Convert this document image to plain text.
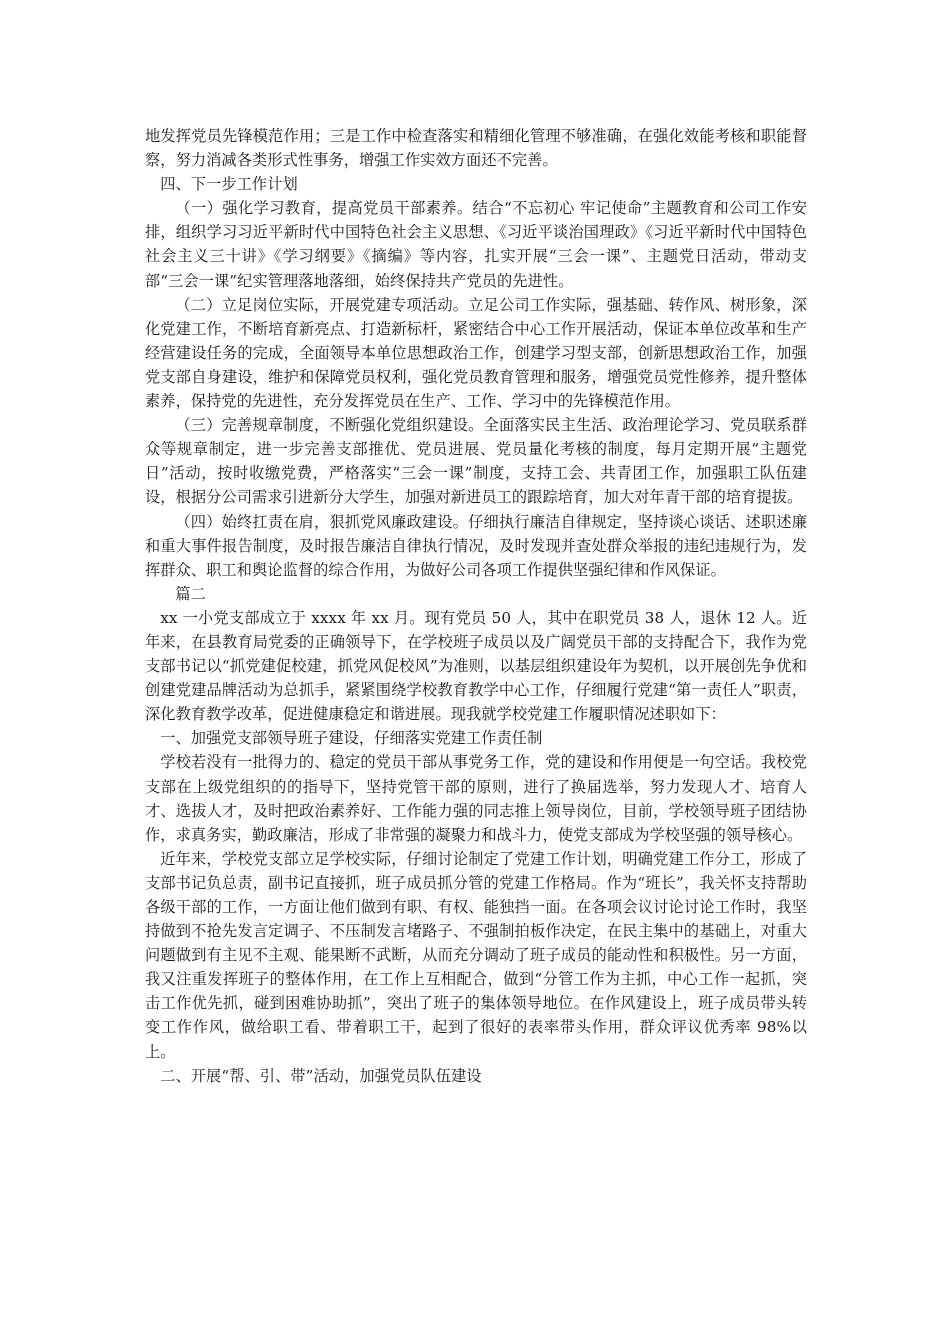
地发挥党员先锋模范作用；三是工作中检查落实和精细化管理不够准确，在强化效能考核和职能督察，努力消减各类形式性事务，增强工作实效方面还不完善。

四、下一步工作计划

（一）强化学习教育，提高党员干部素养。结合“不忘初心 牢记使命”主题教育和公司工作安排，组织学习习近平新时代中国特色社会主义思想、《习近平谈治国理政》《习近平新时代中国特色社会主义三十讲》《学习纲要》《摘编》等内容，扎实开展“三会一课”、主题党日活动，带动支部“三会一课”纪实管理落地落细，始终保持共产党员的先进性。

（二）立足岗位实际，开展党建专项活动。立足公司工作实际，强基础、转作风、树形象，深化党建工作，不断培育新亮点、打造新标杆，紧密结合中心工作开展活动，保证本单位改革和生产经营建设任务的完成，全面领导本单位思想政治工作，创建学习型支部，创新思想政治工作，加强党支部自身建设，维护和保障党员权利，强化党员教育管理和服务，增强党员党性修养，提升整体素养，保持党的先进性，充分发挥党员在生产、工作、学习中的先锋模范作用。

（三）完善规章制度，不断强化党组织建设。全面落实民主生活、政治理论学习、党员联系群众等规章制定，进一步完善支部推优、党员进展、党员量化考核的制度，每月定期开展“主题党日”活动，按时收缴党费，严格落实“三会一课”制度，支持工会、共青团工作，加强职工队伍建设，根据分公司需求引进新分大学生，加强对新进员工的跟踪培育，加大对年青干部的培育提拔。

（四）始终扛责在肩，狠抓党风廉政建设。仔细执行廉洁自律规定，坚持谈心谈话、述职述廉和重大事件报告制度，及时报告廉洁自律执行情况，及时发现并查处群众举报的违纪违规行为，发挥群众、职工和舆论监督的综合作用，为做好公司各项工作提供坚强纪律和作风保证。

篇二

xx 一小党支部成立于 xxxx 年 xx 月。现有党员 50 人，其中在职党员 38 人，退休 12 人。近年来，在县教育局党委的正确领导下，在学校班子成员以及广阔党员干部的支持配合下，我作为党支部书记以“抓党建促校建，抓党风促校风”为准则，以基层组织建设年为契机，以开展创先争优和创建党建品牌活动为总抓手，紧紧围绕学校教育教学中心工作，仔细履行党建“第一责任人”职责，深化教育教学改革，促进健康稳定和谐进展。现我就学校党建工作履职情况述职如下：

一、加强党支部领导班子建设，仔细落实党建工作责任制

学校若没有一批得力的、稳定的党员干部从事党务工作，党的建设和作用便是一句空话。我校党支部在上级党组织的的指导下，坚持党管干部的原则，进行了换届选举，努力发现人才、培育人才、选拔人才，及时把政治素养好、工作能力强的同志推上领导岗位，目前，学校领导班子团结协作，求真务实，勤政廉洁，形成了非常强的凝聚力和战斗力，使党支部成为学校坚强的领导核心。

近年来，学校党支部立足学校实际，仔细讨论制定了党建工作计划，明确党建工作分工，形成了支部书记负总责，副书记直接抓，班子成员抓分管的党建工作格局。作为“班长”，我关怀支持帮助各级干部的工作，一方面让他们做到有职、有权、能独挡一面。在各项会议讨论讨论工作时，我坚持做到不抢先发言定调子、不压制发言堵路子、不强制拍板作决定，在民主集中的基础上，对重大问题做到有主见不主观、能果断不武断，从而充分调动了班子成员的能动性和积极性。另一方面，我又注重发挥班子的整体作用，在工作上互相配合，做到“分管工作为主抓，中心工作一起抓，突击工作优先抓，碰到困难协助抓”，突出了班子的集体领导地位。在作风建设上，班子成员带头转变工作作风，做给职工看、带着职工干，起到了很好的表率带头作用，群众评议优秀率 98%以上。

二、开展“帮、引、带”活动，加强党员队伍建设
